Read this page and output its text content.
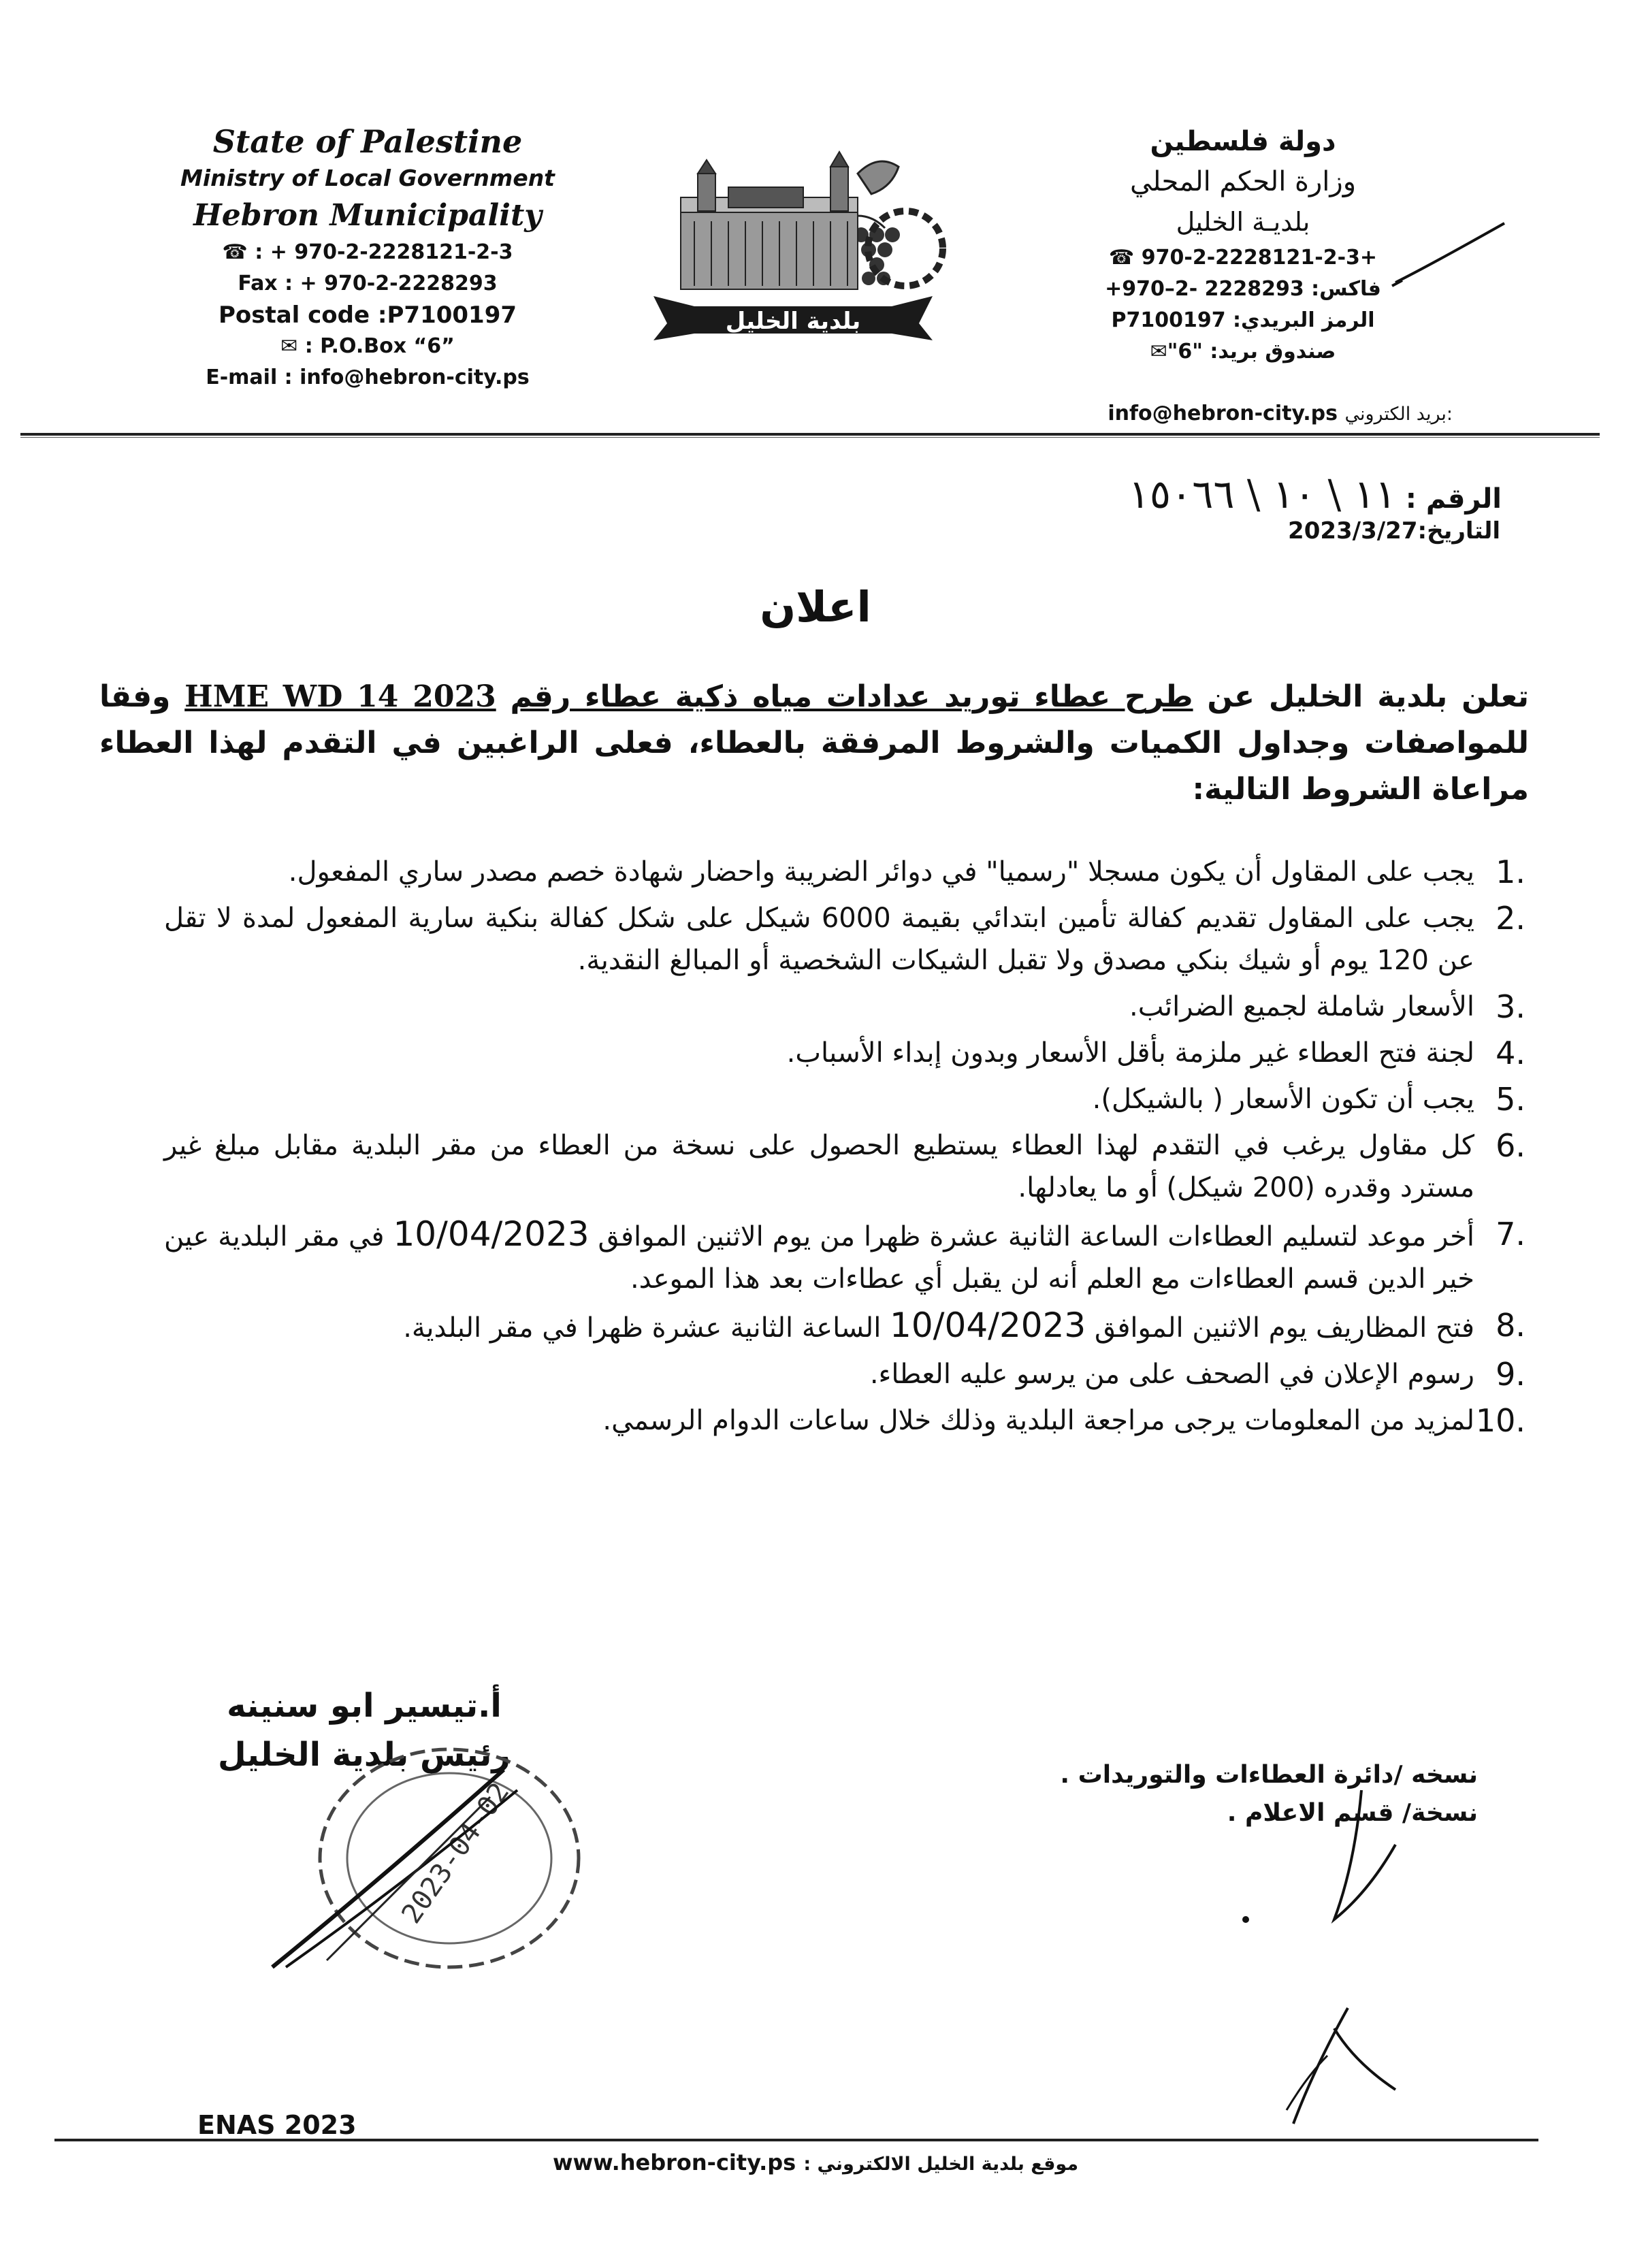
State of Palestine
Ministry of Local Government
Hebron Municipality
☎ : + 970-2-2228121-2-3
Fax : + 970-2-2228293
Postal code :P7100197
✉ : P.O.Box “6”
E-mail : info@hebron-city.ps
بلدية الخليل
دولة فلسطين
وزارة الحكم المحلي
بلديـة الخليل
+970-2-2228121-2-3 ☎
فاكس: 2228293 -2–970+
الرمز البريدي: P7100197
صندوق بريد: "6"✉
info@hebron-city.ps بريد الكتروني:
الرقم : ١١ \ ١٠ \ ١٥٠٦٦
التاريخ:2023/3/27
اعلان
تعلن بلدية الخليل عن طرح عطاء توريد عدادات مياه ذكية عطاء رقم HME WD 14 2023 وفقا للمواصفات وجداول الكميات والشروط المرفقة بالعطاء، فعلى الراغبين في التقدم لهذا العطاء مراعاة الشروط التالية:
.1
يجب على المقاول أن يكون مسجلا "رسميا" في دوائر الضريبة واحضار شهادة خصم مصدر ساري المفعول.
.2
يجب على المقاول تقديم كفالة تأمين ابتدائي بقيمة 6000 شيكل على شكل كفالة بنكية سارية المفعول لمدة لا تقل عن 120 يوم أو شيك بنكي مصدق ولا تقبل الشيكات الشخصية أو المبالغ النقدية.
.3
الأسعار شاملة لجميع الضرائب.
.4
لجنة فتح العطاء غير ملزمة بأقل الأسعار وبدون إبداء الأسباب.
.5
يجب أن تكون الأسعار ( بالشيكل).
.6
كل مقاول يرغب في التقدم لهذا العطاء يستطيع الحصول على نسخة من العطاء من مقر البلدية مقابل مبلغ غير مسترد وقدره (200 شيكل) أو ما يعادلها.
.7
أخر موعد لتسليم العطاءات الساعة الثانية عشرة ظهرا من يوم الاثنين الموافق 10/04/2023 في مقر البلدية عين خير الدين قسم العطاءات مع العلم أنه لن يقبل أي عطاءات بعد هذا الموعد.
.8
فتح المظاريف يوم الاثنين الموافق 10/04/2023 الساعة الثانية عشرة ظهرا في مقر البلدية.
.9
رسوم الإعلان في الصحف على من يرسو عليه العطاء.
.10
لمزيد من المعلومات يرجى مراجعة البلدية وذلك خلال ساعات الدوام الرسمي.
أ.تيسير ابو سنينه
رئيس بلدية الخليل
2023-04-02
نسخه /دائرة العطاءات والتوريدات .
نسخة/ قسم الاعلام .
ENAS 2023
موقع بلدية الخليل الالكتروني : www.hebron-city.ps
